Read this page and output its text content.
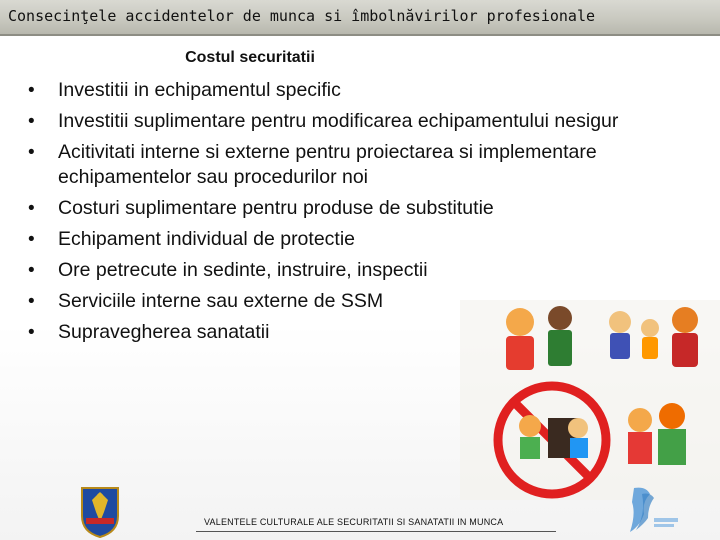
Consecinţele accidentelor de munca si îmbolnăvirilor profesionale
Costul securitatii
• Investitii in echipamentul specific
• Investitii suplimentare pentru modificarea echipamentului nesigur
• Acitivitati interne si externe pentru proiectarea si implementare echipamentelor sau procedurilor noi
• Costuri suplimentare pentru produse de substitutie
• Echipament individual de protectie
• Ore petrecute in sedinte, instruire, inspectii
• Serviciile interne sau externe de SSM
• Supravegherea sanatatii
VALENTELE CULTURALE ALE SECURITATII SI SANATATII IN MUNCA
